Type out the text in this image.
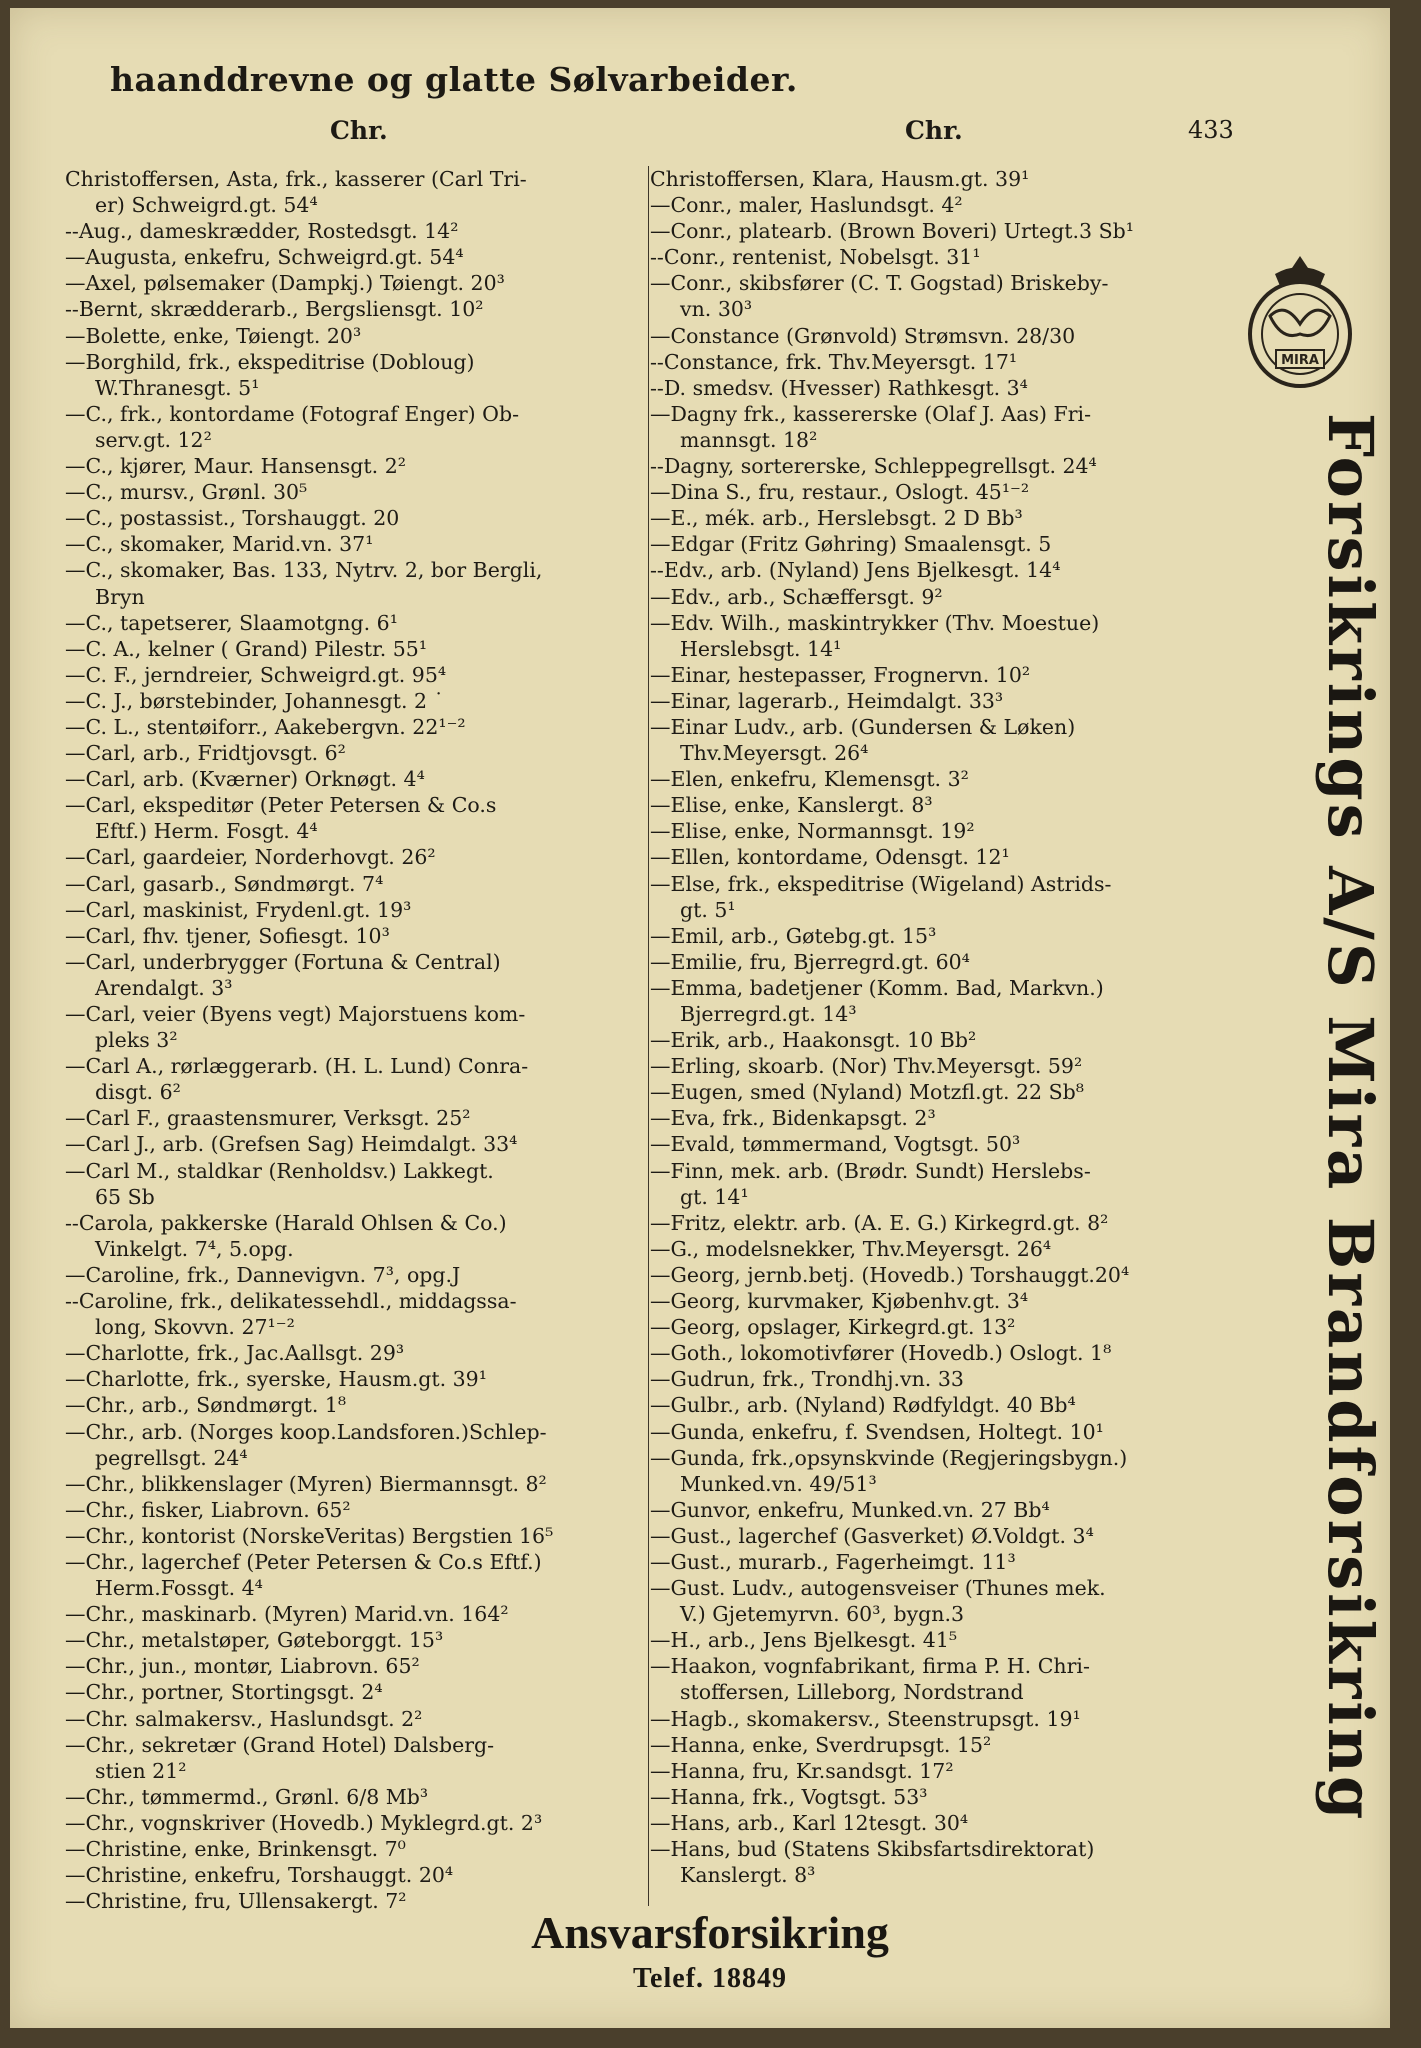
haanddrevne og glatte Sølvarbeider.
Chr.	Chr.	433
Christoffersen, Asta, frk., kasserer (Carl Tri-
er) Schweigrd.gt. 54⁴
--Aug., dameskrædder, Rostedsgt. 14²
—Augusta, enkefru, Schweigrd.gt. 54⁴
—Axel, pølsemaker (Dampkj.) Tøiengt. 20³
--Bernt, skrædderarb., Bergsliensgt. 10²
—Bolette, enke, Tøiengt. 20³
—Borghild, frk., ekspeditrise (Dobloug)
W.Thranesgt. 5¹
—C., frk., kontordame (Fotograf Enger) Ob-
serv.gt. 12²
—C., kjører, Maur. Hansensgt. 2²
—C., mursv., Grønl. 30⁵
—C., postassist., Torshauggt. 20
—C., skomaker, Marid.vn. 37¹
—C., skomaker, Bas. 133, Nytrv. 2, bor Bergli,
Bryn
—C., tapetserer, Slaamotgng. 6¹
—C. A., kelner ( Grand) Pilestr. 55¹
—C. F., jerndreier, Schweigrd.gt. 95⁴
—C. J., børstebinder, Johannesgt. 2 ˙
—C. L., stentøiforr., Aakebergvn. 22¹⁻²
—Carl, arb., Fridtjovsgt. 6²
—Carl, arb. (Kværner) Orknøgt. 4⁴
—Carl, ekspeditør (Peter Petersen & Co.s
Eftf.) Herm. Fosgt. 4⁴
—Carl, gaardeier, Norderhovgt. 26²
—Carl, gasarb., Søndmørgt. 7⁴
—Carl, maskinist, Frydenl.gt. 19³
—Carl, fhv. tjener, Sofiesgt. 10³
—Carl, underbrygger (Fortuna & Central)
Arendalgt. 3³
—Carl, veier (Byens vegt) Majorstuens kom-
pleks 3²
—Carl A., rørlæggerarb. (H. L. Lund) Conra-
disgt. 6²
—Carl F., graastensmurer, Verksgt. 25²
—Carl J., arb. (Grefsen Sag) Heimdalgt. 33⁴
—Carl M., staldkar (Renholdsv.) Lakkegt.
65 Sb
--Carola, pakkerske (Harald Ohlsen & Co.)
Vinkelgt. 7⁴, 5.opg.
—Caroline, frk., Dannevigvn. 7³, opg.J
--Caroline, frk., delikatessehdl., middagssa-
long, Skovvn. 27¹⁻²
—Charlotte, frk., Jac.Aallsgt. 29³
—Charlotte, frk., syerske, Hausm.gt. 39¹
—Chr., arb., Søndmørgt. 1⁸
—Chr., arb. (Norges koop.Landsforen.)Schlep-
pegrellsgt. 24⁴
—Chr., blikkenslager (Myren) Biermannsgt. 8²
—Chr., fisker, Liabrovn. 65²
—Chr., kontorist (NorskeVeritas) Bergstien 16⁵
—Chr., lagerchef (Peter Petersen & Co.s Eftf.)
Herm.Fossgt. 4⁴
—Chr., maskinarb. (Myren) Marid.vn. 164²
—Chr., metalstøper, Gøteborggt. 15³
—Chr., jun., montør, Liabrovn. 65²
—Chr., portner, Stortingsgt. 2⁴
—Chr. salmakersv., Haslundsgt. 2²
—Chr., sekretær (Grand Hotel) Dalsberg-
stien 21²
—Chr., tømmermd., Grønl. 6/8 Mb³
—Chr., vognskriver (Hovedb.) Myklegrd.gt. 2³
—Christine, enke, Brinkensgt. 7⁰
—Christine, enkefru, Torshauggt. 20⁴
—Christine, fru, Ullensakergt. 7²
Christoffersen, Klara, Hausm.gt. 39¹
—Conr., maler, Haslundsgt. 4²
—Conr., platearb. (Brown Boveri) Urtegt.3 Sb¹
--Conr., rentenist, Nobelsgt. 31¹
—Conr., skibsfører (C. T. Gogstad) Briskeby-
vn. 30³
—Constance (Grønvold) Strømsvn. 28/30
--Constance, frk. Thv.Meyersgt. 17¹
--D. smedsv. (Hvesser) Rathkesgt. 3⁴
—Dagny frk., kassererske (Olaf J. Aas) Fri-
mannsgt. 18²
--Dagny, sortererske, Schleppegrellsgt. 24⁴
—Dina S., fru, restaur., Oslogt. 45¹⁻²
—E., mék. arb., Herslebsgt. 2 D Bb³
—Edgar (Fritz Gøhring) Smaalensgt. 5
--Edv., arb. (Nyland) Jens Bjelkesgt. 14⁴
—Edv., arb., Schæffersgt. 9²
—Edv. Wilh., maskintrykker (Thv. Moestue)
Herslebsgt. 14¹
—Einar, hestepasser, Frognervn. 10²
—Einar, lagerarb., Heimdalgt. 33³
—Einar Ludv., arb. (Gundersen & Løken)
Thv.Meyersgt. 26⁴
—Elen, enkefru, Klemensgt. 3²
—Elise, enke, Kanslergt. 8³
—Elise, enke, Normannsgt. 19²
—Ellen, kontordame, Odensgt. 12¹
—Else, frk., ekspeditrise (Wigeland) Astrids-
gt. 5¹
—Emil, arb., Gøtebg.gt. 15³
—Emilie, fru, Bjerregrd.gt. 60⁴
—Emma, badetjener (Komm. Bad, Markvn.)
Bjerregrd.gt. 14³
—Erik, arb., Haakonsgt. 10 Bb²
—Erling, skoarb. (Nor) Thv.Meyersgt. 59²
—Eugen, smed (Nyland) Motzfl.gt. 22 Sb⁸
—Eva, frk., Bidenkapsgt. 2³
—Evald, tømmermand, Vogtsgt. 50³
—Finn, mek. arb. (Brødr. Sundt) Herslebs-
gt. 14¹
—Fritz, elektr. arb. (A. E. G.) Kirkegrd.gt. 8²
—G., modelsnekker, Thv.Meyersgt. 26⁴
—Georg, jernb.betj. (Hovedb.) Torshauggt.20⁴
—Georg, kurvmaker, Kjøbenhv.gt. 3⁴
—Georg, opslager, Kirkegrd.gt. 13²
—Goth., lokomotivfører (Hovedb.) Oslogt. 1⁸
—Gudrun, frk., Trondhj.vn. 33
—Gulbr., arb. (Nyland) Rødfyldgt. 40 Bb⁴
—Gunda, enkefru, f. Svendsen, Holtegt. 10¹
—Gunda, frk.,opsynskvinde (Regjeringsbygn.)
Munked.vn. 49/51³
—Gunvor, enkefru, Munked.vn. 27 Bb⁴
—Gust., lagerchef (Gasverket) Ø.Voldgt. 3⁴
—Gust., murarb., Fagerheimgt. 11³
—Gust. Ludv., autogensveiser (Thunes mek.
V.) Gjetemyrvn. 60³, bygn.3
—H., arb., Jens Bjelkesgt. 41⁵
—Haakon, vognfabrikant, firma P. H. Chri-
stoffersen, Lilleborg, Nordstrand
—Hagb., skomakersv., Steenstrupsgt. 19¹
—Hanna, enke, Sverdrupsgt. 15²
—Hanna, fru, Kr.sandsgt. 17²
—Hanna, frk., Vogtsgt. 53³
—Hans, arb., Karl 12tesgt. 30⁴
—Hans, bud (Statens Skibsfartsdirektorat)
Kanslergt. 8³
MIRA
Forsikrings A/S Mira Brandforsikring
Ansvarsforsikring
Telef. 18849
